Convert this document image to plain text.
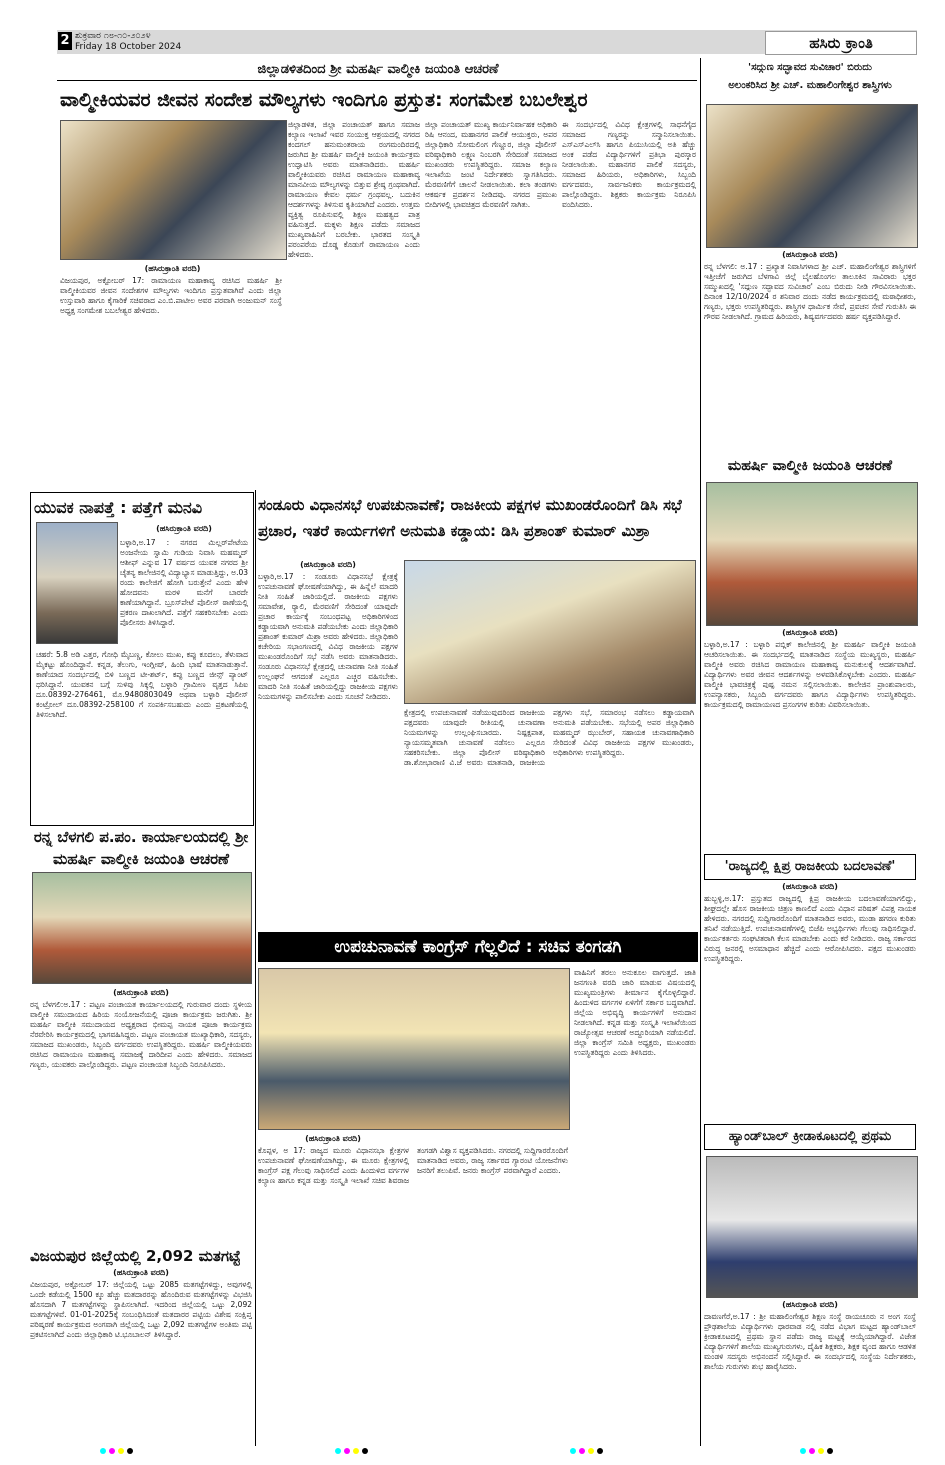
2 ಶುಕ್ರವಾರ ೧೮-೧೦-೨೦೨೪
Friday 18 October 2024	ಹಸಿರು ಕ್ರಾಂತಿ
ಜಿಲ್ಲಾಡಳಿತದಿಂದ ಶ್ರೀ ಮಹರ್ಷಿ ವಾಲ್ಮೀಕಿ ಜಯಂತಿ ಆಚರಣೆ
ವಾಲ್ಮೀಕಿಯವರ ಜೀವನ ಸಂದೇಶ ಮೌಲ್ಯಗಳು ಇಂದಿಗೂ ಪ್ರಸ್ತುತ: ಸಂಗಮೇಶ ಬಬಲೇಶ್ವರ
(ಹಸಿರುಕ್ರಾಂತಿ ವರದಿ)
ವಿಜಯಪುರ, ಅಕ್ಟೋಬರ್ 17: ರಾಮಾಯಣ ಮಹಾಕಾವ್ಯ ರಚಿಸಿದ ಮಹರ್ಷಿ ಶ್ರೀ ವಾಲ್ಮೀಕಿಯವರ ಜೀವನ ಸಂದೇಶಗಳ ಮೌಲ್ಯಗಳು ಇಂದಿಗೂ ಪ್ರಸ್ತುತವಾಗಿವೆ ಎಂದು ಜಿಲ್ಲಾ ಉಸ್ತುವಾರಿ ಹಾಗೂ ಕೈಗಾರಿಕೆ ಸಚಿವರಾದ ಎಂ.ಬಿ.ಪಾಟೀಲ ಅವರ ಪರವಾಗಿ ಅಂಜುಮನ್ ಸಂಸ್ಥೆ ಅಧ್ಯಕ್ಷ ಸಂಗಮೇಶ ಬಬಲೇಶ್ವರ ಹೇಳಿದರು.
ಜಿಲ್ಲಾಡಳಿತ, ಜಿಲ್ಲಾ ಪಂಚಾಯತ್ ಹಾಗೂ ಸಮಾಜ ಕಲ್ಯಾಣ ಇಲಾಖೆ ಇವರ ಸಂಯುಕ್ತ ಆಶ್ರಯದಲ್ಲಿ ನಗರದ ಕಂದಗಲ್ ಹನುಮಂತರಾಯ ರಂಗಮಂದಿರದಲ್ಲಿ ಜರುಗಿದ ಶ್ರೀ ಮಹರ್ಷಿ ವಾಲ್ಮೀಕಿ ಜಯಂತಿ ಕಾರ್ಯಕ್ರಮ ಉದ್ಘಾಟಿಸಿ ಅವರು ಮಾತನಾಡಿದರು. ಮಹರ್ಷಿ ವಾಲ್ಮೀಕಿಯವರು ರಚಿಸಿದ ರಾಮಾಯಣ ಮಹಾಕಾವ್ಯ ಮಾನವೀಯ ಮೌಲ್ಯಗಳನ್ನು ಬಿತ್ತುವ ಶ್ರೇಷ್ಠ ಗ್ರಂಥವಾಗಿದೆ. ರಾಮಾಯಣ ಕೇವಲ ಧರ್ಮ ಗ್ರಂಥವಲ್ಲ. ಬದುಕಿನ ಆದರ್ಶಗಳನ್ನು ತಿಳಿಸುವ ಕೃತಿಯಾಗಿದೆ ಎಂದರು. ಉತ್ತಮ ವ್ಯಕ್ತಿತ್ವ ರೂಪಿಸುವಲ್ಲಿ ಶಿಕ್ಷಣ ಮಹತ್ವದ ಪಾತ್ರ ವಹಿಸುತ್ತದೆ. ಮಕ್ಕಳು ಶಿಕ್ಷಣ ಪಡೆದು ಸಮಾಜದ ಮುಖ್ಯವಾಹಿನಿಗೆ ಬರಬೇಕು. ಭಾರತದ ಸಂಸ್ಕೃತಿ ಪರಂಪರೆಯ ದೊಡ್ಡ ಕೊಡುಗೆ ರಾಮಾಯಣ ಎಂದು ಹೇಳಿದರು.
ಜಿಲ್ಲಾ ಪಂಚಾಯತ್ ಮುಖ್ಯ ಕಾರ್ಯನಿರ್ವಾಹಕ ಅಧಿಕಾರಿ ರಿಷಿ ಆನಂದ, ಮಹಾನಗರ ಪಾಲಿಕೆ ಆಯುಕ್ತರು, ಅಪರ ಜಿಲ್ಲಾಧಿಕಾರಿ ಸೋಮಲಿಂಗ ಗೆಣ್ಣೂರ, ಜಿಲ್ಲಾ ಪೊಲೀಸ್ ವರಿಷ್ಠಾಧಿಕಾರಿ ಲಕ್ಷ್ಮಣ ನಿಂಬರಗಿ ಸೇರಿದಂತೆ ಸಮಾಜದ ಮುಖಂಡರು ಉಪಸ್ಥಿತರಿದ್ದರು. ಸಮಾಜ ಕಲ್ಯಾಣ ಇಲಾಖೆಯ ಜಂಟಿ ನಿರ್ದೇಶಕರು ಸ್ವಾಗತಿಸಿದರು. ಮೆರವಣಿಗೆಗೆ ಚಾಲನೆ ನೀಡಲಾಯಿತು. ಕಲಾ ತಂಡಗಳು ಆಕರ್ಷಕ ಪ್ರದರ್ಶನ ನೀಡಿದವು. ನಗರದ ಪ್ರಮುಖ ಬೀದಿಗಳಲ್ಲಿ ಭಾವಚಿತ್ರದ ಮೆರವಣಿಗೆ ಸಾಗಿತು.
ಈ ಸಂದರ್ಭದಲ್ಲಿ ವಿವಿಧ ಕ್ಷೇತ್ರಗಳಲ್ಲಿ ಸಾಧನೆಗೈದ ಸಮಾಜದ ಗಣ್ಯರನ್ನು ಸನ್ಮಾನಿಸಲಾಯಿತು. ಎಸ್‌ಎಸ್‌ಎಲ್‌ಸಿ ಹಾಗೂ ಪಿಯುಸಿಯಲ್ಲಿ ಅತಿ ಹೆಚ್ಚು ಅಂಕ ಪಡೆದ ವಿದ್ಯಾರ್ಥಿಗಳಿಗೆ ಪ್ರತಿಭಾ ಪುರಸ್ಕಾರ ನೀಡಲಾಯಿತು. ಮಹಾನಗರ ಪಾಲಿಕೆ ಸದಸ್ಯರು, ಸಮಾಜದ ಹಿರಿಯರು, ಅಧಿಕಾರಿಗಳು, ಸಿಬ್ಬಂದಿ ವರ್ಗದವರು, ಸಾರ್ವಜನಿಕರು ಕಾರ್ಯಕ್ರಮದಲ್ಲಿ ಪಾಲ್ಗೊಂಡಿದ್ದರು. ಶಿಕ್ಷಕರು ಕಾರ್ಯಕ್ರಮ ನಿರೂಪಿಸಿ ವಂದಿಸಿದರು.
ಯುವಕ ನಾಪತ್ತೆ : ಪತ್ತೆಗೆ ಮನವಿ
(ಹಸಿರುಕ್ರಾಂತಿ ವರದಿ)
ಬಳ್ಳಾರಿ,ಅ.17 : ನಗರದ ಮಿಲ್ಲರ್‌ಪೇಟೆಯ ಅಂಜನೇಯ ಸ್ವಾಮಿ ಗುಡಿಯ ನಿವಾಸಿ ಮಹಮ್ಮದ್ ಆಶೀಫ್ ಎನ್ನುವ 17 ವರ್ಷದ ಯುವಕ ನಗರದ ಶ್ರೀ ಚೈತನ್ಯ ಕಾಲೇಜಿನಲ್ಲಿ ವಿದ್ಯಾಭ್ಯಾಸ ಮಾಡುತ್ತಿದ್ದು, ಅ.03 ರಂದು ಕಾಲೇಜಿಗೆ ಹೋಗಿ ಬರುತ್ತೇನೆ ಎಂದು ಹೇಳಿ ಹೋದವನು ಮರಳಿ ಮನೆಗೆ ಬಾರದೇ ಕಾಣೆಯಾಗಿದ್ದಾನೆ. ಬ್ರೂಸ್‌ಪೇಟೆ ಪೊಲೀಸ್ ಠಾಣೆಯಲ್ಲಿ ಪ್ರಕರಣ ದಾಖಲಾಗಿದೆ. ಪತ್ತೆಗೆ ಸಹಕರಿಸಬೇಕು ಎಂದು ಪೊಲೀಸರು ತಿಳಿಸಿದ್ದಾರೆ.
ಚಹರೆ: 5.8 ಅಡಿ ಎತ್ತರ, ಗೋಧಿ ಮೈಬಣ್ಣ, ಕೋಲು ಮುಖ, ಕಪ್ಪು ಕೂದಲು, ತೆಳುವಾದ ಮೈಕಟ್ಟು ಹೊಂದಿದ್ದಾನೆ. ಕನ್ನಡ, ತೆಲುಗು, ಇಂಗ್ಲೀಷ್, ಹಿಂದಿ ಭಾಷೆ ಮಾತನಾಡುತ್ತಾನೆ. ಕಾಣೆಯಾದ ಸಂದರ್ಭದಲ್ಲಿ ಬಿಳಿ ಬಣ್ಣದ ಟೀ-ಶರ್ಟ್, ಕಪ್ಪು ಬಣ್ಣದ ಜೀನ್ಸ್ ಪ್ಯಾಂಟ್ ಧರಿಸಿದ್ದಾನೆ. ಯುವಕನ ಬಗ್ಗೆ ಸುಳಿವು ಸಿಕ್ಕಲ್ಲಿ ಬಳ್ಳಾರಿ ಗ್ರಾಮೀಣ ವೃತ್ತದ ಸಿಪಿಐ ದೂ.08392-276461, ಮೊ.9480803049 ಅಥವಾ ಬಳ್ಳಾರಿ ಪೊಲೀಸ್ ಕಂಟ್ರೋಲ್ ದೂ.08392-258100 ಗೆ ಸಂಪರ್ಕಿಸಬಹುದು ಎಂದು ಪ್ರಕಟಣೆಯಲ್ಲಿ ತಿಳಿಸಲಾಗಿದೆ.
ರನ್ನ ಬೆಳಗಲಿ ಪ.ಪಂ. ಕಾರ್ಯಾಲಯದಲ್ಲಿ ಶ್ರೀ ಮಹರ್ಷಿ ವಾಲ್ಮೀಕಿ ಜಯಂತಿ ಆಚರಣೆ
(ಹಸಿರುಕ್ರಾಂತಿ ವರದಿ)
ರನ್ನ ಬೆಳಗಲಿ:ಅ.17 : ಪಟ್ಟಣ ಪಂಚಾಯತ ಕಾರ್ಯಾಲಯದಲ್ಲಿ ಗುರುವಾರ ದಂದು ಸ್ಥಳೀಯ ವಾಲ್ಮೀಕಿ ಸಮುದಾಯದ ಹಿರಿಯ ಸಂಯೋಜನೆಯಲ್ಲಿ ಪೂಜಾ ಕಾರ್ಯಕ್ರಮ ಜರುಗಿತು. ಶ್ರೀ ಮಹರ್ಷಿ ವಾಲ್ಮೀಕಿ ಸಮುದಾಯದ ಅಧ್ಯಕ್ಷರಾದ ಭೀಮಪ್ಪ ನಾಯಕ ಪೂಜಾ ಕಾರ್ಯಕ್ರಮ ನೆರವೇರಿಸಿ ಕಾರ್ಯಕ್ರಮದಲ್ಲಿ ಭಾಗವಹಿಸಿದ್ದರು. ಪಟ್ಟಣ ಪಂಚಾಯತ ಮುಖ್ಯಾಧಿಕಾರಿ, ಸದಸ್ಯರು, ಸಮಾಜದ ಮುಖಂಡರು, ಸಿಬ್ಬಂದಿ ವರ್ಗದವರು ಉಪಸ್ಥಿತರಿದ್ದರು. ಮಹರ್ಷಿ ವಾಲ್ಮೀಕಿಯವರು ರಚಿಸಿದ ರಾಮಾಯಣ ಮಹಾಕಾವ್ಯ ಸಮಾಜಕ್ಕೆ ದಾರಿದೀಪ ಎಂದು ಹೇಳಿದರು. ಸಮಾಜದ ಗಣ್ಯರು, ಯುವಕರು ಪಾಲ್ಗೊಂಡಿದ್ದರು. ಪಟ್ಟಣ ಪಂಚಾಯತ ಸಿಬ್ಬಂದಿ ನಿರೂಪಿಸಿದರು.
ವಿಜಯಪುರ ಜಿಲ್ಲೆಯಲ್ಲಿ 2,092 ಮತಗಟ್ಟೆ
(ಹಸಿರುಕ್ರಾಂತಿ ವರದಿ)
ವಿಜಯಪುರ, ಅಕ್ಟೋಬರ್ 17: ಜಿಲ್ಲೆಯಲ್ಲಿ ಒಟ್ಟು 2085 ಮತಗಟ್ಟೆಗಳಿದ್ದು, ಅವುಗಳಲ್ಲಿ ಒಂದೇ ಕಡೆಯಲ್ಲಿ 1500 ಕ್ಕೂ ಹೆಚ್ಚು ಮತದಾರರನ್ನು ಹೊಂದಿರುವ ಮತಗಟ್ಟೆಗಳನ್ನು ವಿಭಜಿಸಿ ಹೊಸದಾಗಿ 7 ಮತಗಟ್ಟೆಗಳನ್ನು ಸ್ಥಾಪಿಸಲಾಗಿದೆ. ಇದರಿಂದ ಜಿಲ್ಲೆಯಲ್ಲಿ ಒಟ್ಟು 2,092 ಮತಗಟ್ಟೆಗಳಿವೆ. 01-01-2025ಕ್ಕೆ ಸಂಬಂಧಿಸಿದಂತೆ ಮತದಾರರ ಪಟ್ಟಿಯ ವಿಶೇಷ ಸಂಕ್ಷಿಪ್ತ ಪರಿಷ್ಕರಣೆ ಕಾರ್ಯಕ್ರಮದ ಅಂಗವಾಗಿ ಜಿಲ್ಲೆಯಲ್ಲಿ ಒಟ್ಟು 2,092 ಮತಗಟ್ಟೆಗಳ ಅಂತಿಮ ಪಟ್ಟಿ ಪ್ರಕಟಿಸಲಾಗಿದೆ ಎಂದು ಜಿಲ್ಲಾಧಿಕಾರಿ ಟಿ.ಭೂಬಾಲನ್ ತಿಳಿಸಿದ್ದಾರೆ.
ಸಂಡೂರು ವಿಧಾನಸಭೆ ಉಪಚುನಾವಣೆ; ರಾಜಕೀಯ ಪಕ್ಷಗಳ ಮುಖಂಡರೊಂದಿಗೆ ಡಿಸಿ ಸಭೆ ಪ್ರಚಾರ, ಇತರೆ ಕಾರ್ಯಗಳಿಗೆ ಅನುಮತಿ ಕಡ್ಡಾಯ: ಡಿಸಿ ಪ್ರಶಾಂತ್ ಕುಮಾರ್ ಮಿಶ್ರಾ
(ಹಸಿರುಕ್ರಾಂತಿ ವರದಿ)
ಬಳ್ಳಾರಿ,ಅ.17 : ಸಂಡೂರು ವಿಧಾನಸಭೆ ಕ್ಷೇತ್ರಕ್ಕೆ ಉಪಚುನಾವಣೆ ಘೋಷಣೆಯಾಗಿದ್ದು, ಈ ಹಿನ್ನೆಲೆ ಮಾದರಿ ನೀತಿ ಸಂಹಿತೆ ಜಾರಿಯಲ್ಲಿದೆ. ರಾಜಕೀಯ ಪಕ್ಷಗಳು ಸಮಾವೇಶ, ರ‍್ಯಾಲಿ, ಮೆರವಣಿಗೆ ಸೇರಿದಂತೆ ಯಾವುದೇ ಪ್ರಚಾರ ಕಾರ್ಯಕ್ಕೆ ಸಂಬಂಧಪಟ್ಟ ಅಧಿಕಾರಿಗಳಿಂದ ಕಡ್ಡಾಯವಾಗಿ ಅನುಮತಿ ಪಡೆಯಬೇಕು ಎಂದು ಜಿಲ್ಲಾಧಿಕಾರಿ ಪ್ರಶಾಂತ್ ಕುಮಾರ್ ಮಿಶ್ರಾ ಅವರು ಹೇಳಿದರು. ಜಿಲ್ಲಾಧಿಕಾರಿ ಕಚೇರಿಯ ಸಭಾಂಗಣದಲ್ಲಿ ವಿವಿಧ ರಾಜಕೀಯ ಪಕ್ಷಗಳ ಮುಖಂಡರೊಂದಿಗೆ ಸಭೆ ನಡೆಸಿ ಅವರು ಮಾತನಾಡಿದರು. ಸಂಡೂರು ವಿಧಾನಸಭೆ ಕ್ಷೇತ್ರದಲ್ಲಿ ಚುನಾವಣಾ ನೀತಿ ಸಂಹಿತೆ ಉಲ್ಲಂಘನೆ ಆಗದಂತೆ ಎಲ್ಲರೂ ಎಚ್ಚರ ವಹಿಸಬೇಕು. ಮಾದರಿ ನೀತಿ ಸಂಹಿತೆ ಜಾರಿಯಲ್ಲಿದ್ದು ರಾಜಕೀಯ ಪಕ್ಷಗಳು ನಿಯಮಗಳನ್ನು ಪಾಲಿಸಬೇಕು ಎಂದು ಸೂಚನೆ ನೀಡಿದರು.
ಕ್ಷೇತ್ರದಲ್ಲಿ ಉಪಚುನಾವಣೆ ನಡೆಯುವುದರಿಂದ ರಾಜಕೀಯ ಪಕ್ಷದವರು ಯಾವುದೇ ರೀತಿಯಲ್ಲಿ ಚುನಾವಣಾ ನಿಯಮಗಳನ್ನು ಉಲ್ಲಂಘಿಸಬಾರದು. ನಿಷ್ಪಕ್ಷಪಾತ, ನ್ಯಾಯಸಮ್ಮತವಾಗಿ ಚುನಾವಣೆ ನಡೆಸಲು ಎಲ್ಲರೂ ಸಹಕರಿಸಬೇಕು. ಜಿಲ್ಲಾ ಪೊಲೀಸ್ ವರಿಷ್ಠಾಧಿಕಾರಿ ಡಾ.ಶೋಭಾರಾಣಿ ವಿ.ಜೆ ಅವರು ಮಾತನಾಡಿ, ರಾಜಕೀಯ ಪಕ್ಷಗಳು ಸಭೆ, ಸಮಾರಂಭ ನಡೆಸಲು ಕಡ್ಡಾಯವಾಗಿ ಅನುಮತಿ ಪಡೆಯಬೇಕು. ಸಭೆಯಲ್ಲಿ ಅಪರ ಜಿಲ್ಲಾಧಿಕಾರಿ ಮಹಮ್ಮದ್ ಝುಬೇರ್, ಸಹಾಯಕ ಚುನಾವಣಾಧಿಕಾರಿ ಸೇರಿದಂತೆ ವಿವಿಧ ರಾಜಕೀಯ ಪಕ್ಷಗಳ ಮುಖಂಡರು, ಅಧಿಕಾರಿಗಳು ಉಪಸ್ಥಿತರಿದ್ದರು.
ಉಪಚುನಾವಣೆ ಕಾಂಗ್ರೆಸ್ ಗೆಲ್ಲಲಿದೆ : ಸಚಿವ ತಂಗಡಗಿ
(ಹಸಿರುಕ್ರಾಂತಿ ವರದಿ)
ಕೊಪ್ಪಳ, ಅ 17: ರಾಜ್ಯದ ಮೂರು ವಿಧಾನಸಭಾ ಕ್ಷೇತ್ರಗಳ ಉಪಚುನಾವಣೆ ಘೋಷಣೆಯಾಗಿದ್ದು, ಈ ಮೂರು ಕ್ಷೇತ್ರಗಳಲ್ಲಿ ಕಾಂಗ್ರೆಸ್ ಪಕ್ಷ ಗೆಲುವು ಸಾಧಿಸಲಿದೆ ಎಂದು ಹಿಂದುಳಿದ ವರ್ಗಗಳ ಕಲ್ಯಾಣ ಹಾಗೂ ಕನ್ನಡ ಮತ್ತು ಸಂಸ್ಕೃತಿ ಇಲಾಖೆ ಸಚಿವ ಶಿವರಾಜ ತಂಗಡಗಿ ವಿಶ್ವಾಸ ವ್ಯಕ್ತಪಡಿಸಿದರು. ನಗರದಲ್ಲಿ ಸುದ್ದಿಗಾರರೊಂದಿಗೆ ಮಾತನಾಡಿದ ಅವರು, ರಾಜ್ಯ ಸರ್ಕಾರದ ಗ್ಯಾರಂಟಿ ಯೋಜನೆಗಳು ಜನರಿಗೆ ತಲುಪಿವೆ. ಜನರು ಕಾಂಗ್ರೆಸ್ ಪರವಾಗಿದ್ದಾರೆ ಎಂದರು.
ವಾಹಿನಿಗೆ ತರಲು ಅನುಕೂಲ ವಾಗುತ್ತದೆ. ಜಾತಿ ಜನಗಣತಿ ವರದಿ ಜಾರಿ ಮಾಡುವ ವಿಷಯದಲ್ಲಿ ಮುಖ್ಯಮಂತ್ರಿಗಳು ತೀರ್ಮಾನ ಕೈಗೊಳ್ಳಲಿದ್ದಾರೆ. ಹಿಂದುಳಿದ ವರ್ಗಗಳ ಏಳಿಗೆಗೆ ಸರ್ಕಾರ ಬದ್ಧವಾಗಿದೆ. ಜಿಲ್ಲೆಯ ಅಭಿವೃದ್ಧಿ ಕಾರ್ಯಗಳಿಗೆ ಅನುದಾನ ನೀಡಲಾಗಿದೆ. ಕನ್ನಡ ಮತ್ತು ಸಂಸ್ಕೃತಿ ಇಲಾಖೆಯಿಂದ ರಾಜ್ಯೋತ್ಸವ ಆಚರಣೆ ಅದ್ದೂರಿಯಾಗಿ ನಡೆಯಲಿದೆ. ಜಿಲ್ಲಾ ಕಾಂಗ್ರೆಸ್ ಸಮಿತಿ ಅಧ್ಯಕ್ಷರು, ಮುಖಂಡರು ಉಪಸ್ಥಿತರಿದ್ದರು ಎಂದು ತಿಳಿಸಿದರು.
'ಸದ್ಗುಣ ಸದ್ಭಾವದ ಸುವಿಚಾರ' ಬಿರುದು
ಅಲಂಕರಿಸಿದ ಶ್ರೀ ಎಚ್. ಮಹಾಲಿಂಗೇಶ್ವರ ಶಾಸ್ತ್ರಿಗಳು
(ಹಸಿರುಕ್ರಾಂತಿ ವರದಿ)
ರನ್ನ ಬೆಳಗಲಿ: ಅ.17 : ಪ್ರಖ್ಯಾತ ನಿವಾಸಿಗಳಾದ ಶ್ರೀ ಎಚ್. ಮಹಾಲಿಂಗೇಶ್ವರ ಶಾಸ್ತ್ರಿಗಳಿಗೆ ಇತ್ತೀಚೆಗೆ ಜರುಗಿದ ಬೆಳಗಾವಿ ಜಿಲ್ಲೆ ಬೈಲಹೊಂಗಲ ತಾಲೂಕಿನ ಸಾವಿರಾರು ಭಕ್ತರ ಸಮ್ಮುಖದಲ್ಲಿ 'ಸದ್ಗುಣ ಸದ್ಭಾವದ ಸುವಿಚಾರ' ಎಂಬ ಬಿರುದು ನೀಡಿ ಗೌರವಿಸಲಾಯಿತು. ದಿನಾಂಕ 12/10/2024 ರ ಶನಿವಾರ ದಂದು ನಡೆದ ಕಾರ್ಯಕ್ರಮದಲ್ಲಿ ಮಠಾಧೀಶರು, ಗಣ್ಯರು, ಭಕ್ತರು ಉಪಸ್ಥಿತರಿದ್ದರು. ಶಾಸ್ತ್ರಿಗಳ ಧಾರ್ಮಿಕ ಸೇವೆ, ಪ್ರವಚನ ಸೇವೆ ಗುರುತಿಸಿ ಈ ಗೌರವ ನೀಡಲಾಗಿದೆ. ಗ್ರಾಮದ ಹಿರಿಯರು, ಶಿಷ್ಯವರ್ಗದವರು ಹರ್ಷ ವ್ಯಕ್ತಪಡಿಸಿದ್ದಾರೆ.
ಮಹರ್ಷಿ ವಾಲ್ಮೀಕಿ ಜಯಂತಿ ಆಚರಣೆ
(ಹಸಿರುಕ್ರಾಂತಿ ವರದಿ)
ಬಳ್ಳಾರಿ,ಅ.17 : ಬಳ್ಳಾರಿ ಪಬ್ಲಿಕ್ ಕಾಲೇಜಿನಲ್ಲಿ ಶ್ರೀ ಮಹರ್ಷಿ ವಾಲ್ಮೀಕಿ ಜಯಂತಿ ಆಚರಿಸಲಾಯಿತು. ಈ ಸಂದರ್ಭದಲ್ಲಿ ಮಾತನಾಡಿದ ಸಂಸ್ಥೆಯ ಮುಖ್ಯಸ್ಥರು, ಮಹರ್ಷಿ ವಾಲ್ಮೀಕಿ ಅವರು ರಚಿಸಿದ ರಾಮಾಯಣ ಮಹಾಕಾವ್ಯ ಮನುಕುಲಕ್ಕೆ ಆದರ್ಶವಾಗಿದೆ. ವಿದ್ಯಾರ್ಥಿಗಳು ಅವರ ಜೀವನ ಆದರ್ಶಗಳನ್ನು ಅಳವಡಿಸಿಕೊಳ್ಳಬೇಕು ಎಂದರು. ಮಹರ್ಷಿ ವಾಲ್ಮೀಕಿ ಭಾವಚಿತ್ರಕ್ಕೆ ಪುಷ್ಪ ನಮನ ಸಲ್ಲಿಸಲಾಯಿತು. ಕಾಲೇಜಿನ ಪ್ರಾಂಶುಪಾಲರು, ಉಪನ್ಯಾಸಕರು, ಸಿಬ್ಬಂದಿ ವರ್ಗದವರು ಹಾಗೂ ವಿದ್ಯಾರ್ಥಿಗಳು ಉಪಸ್ಥಿತರಿದ್ದರು. ಕಾರ್ಯಕ್ರಮದಲ್ಲಿ ರಾಮಾಯಣದ ಪ್ರಸಂಗಗಳ ಕುರಿತು ವಿವರಿಸಲಾಯಿತು.
'ರಾಜ್ಯದಲ್ಲಿ ಕ್ಷಿಪ್ರ ರಾಜಕೀಯ ಬದಲಾವಣೆ'
(ಹಸಿರುಕ್ರಾಂತಿ ವರದಿ)
ಹುಬ್ಬಳ್ಳಿ,ಅ.17: ಪ್ರಸ್ತುತದ ರಾಜ್ಯದಲ್ಲಿ ಕ್ಷಿಪ್ರ ರಾಜಕೀಯ ಬದಲಾವಣೆಯಾಗಲಿದ್ದು, ಶೀಘ್ರದಲ್ಲೇ ಹೊಸ ರಾಜಕೀಯ ಚಿತ್ರಣ ಕಾಣಲಿದೆ ಎಂದು ವಿಧಾನ ಪರಿಷತ್ ವಿಪಕ್ಷ ನಾಯಕ ಹೇಳಿದರು. ನಗರದಲ್ಲಿ ಸುದ್ದಿಗಾರರೊಂದಿಗೆ ಮಾತನಾಡಿದ ಅವರು, ಮುಡಾ ಹಗರಣ ಕುರಿತು ತನಿಖೆ ನಡೆಯುತ್ತಿದೆ. ಉಪಚುನಾವಣೆಗಳಲ್ಲಿ ಬಿಜೆಪಿ ಅಭ್ಯರ್ಥಿಗಳು ಗೆಲುವು ಸಾಧಿಸಲಿದ್ದಾರೆ. ಕಾರ್ಯಕರ್ತರು ಸಂಘಟಿತರಾಗಿ ಕೆಲಸ ಮಾಡಬೇಕು ಎಂದು ಕರೆ ನೀಡಿದರು. ರಾಜ್ಯ ಸರ್ಕಾರದ ವಿರುದ್ಧ ಜನರಲ್ಲಿ ಅಸಮಾಧಾನ ಹೆಚ್ಚಿದೆ ಎಂದು ಆರೋಪಿಸಿದರು. ಪಕ್ಷದ ಮುಖಂಡರು ಉಪಸ್ಥಿತರಿದ್ದರು.
ಹ್ಯಾಂಡ್‌ಬಾಲ್ ಕ್ರೀಡಾಕೂಟದಲ್ಲಿ ಪ್ರಥಮ
(ಹಸಿರುಕ್ರಾಂತಿ ವರದಿ)
ದಾವಣಗೆರೆ,ಅ.17 : ಶ್ರೀ ಮಹಾಲಿಂಗೇಶ್ವರ ಶಿಕ್ಷಣ ಸಂಸ್ಥೆ ರಾಯಚೂರು ನ ಅಂಗ ಸಂಸ್ಥೆ ಪ್ರೌಢಶಾಲೆಯ ವಿದ್ಯಾರ್ಥಿಗಳು ಧಾರವಾಡ ನಲ್ಲಿ ನಡೆದ ವಿಭಾಗ ಮಟ್ಟದ ಹ್ಯಾಂಡ್‌ಬಾಲ್ ಕ್ರೀಡಾಕೂಟದಲ್ಲಿ ಪ್ರಥಮ ಸ್ಥಾನ ಪಡೆದು ರಾಜ್ಯ ಮಟ್ಟಕ್ಕೆ ಆಯ್ಕೆಯಾಗಿದ್ದಾರೆ. ವಿಜೇತ ವಿದ್ಯಾರ್ಥಿಗಳಿಗೆ ಶಾಲೆಯ ಮುಖ್ಯಗುರುಗಳು, ದೈಹಿಕ ಶಿಕ್ಷಕರು, ಶಿಕ್ಷಕ ವೃಂದ ಹಾಗೂ ಆಡಳಿತ ಮಂಡಳಿ ಸದಸ್ಯರು ಅಭಿನಂದನೆ ಸಲ್ಲಿಸಿದ್ದಾರೆ. ಈ ಸಂದರ್ಭದಲ್ಲಿ ಸಂಸ್ಥೆಯ ನಿರ್ದೇಶಕರು, ಶಾಲೆಯ ಗುರುಗಳು ಶುಭ ಹಾರೈಸಿದರು.
